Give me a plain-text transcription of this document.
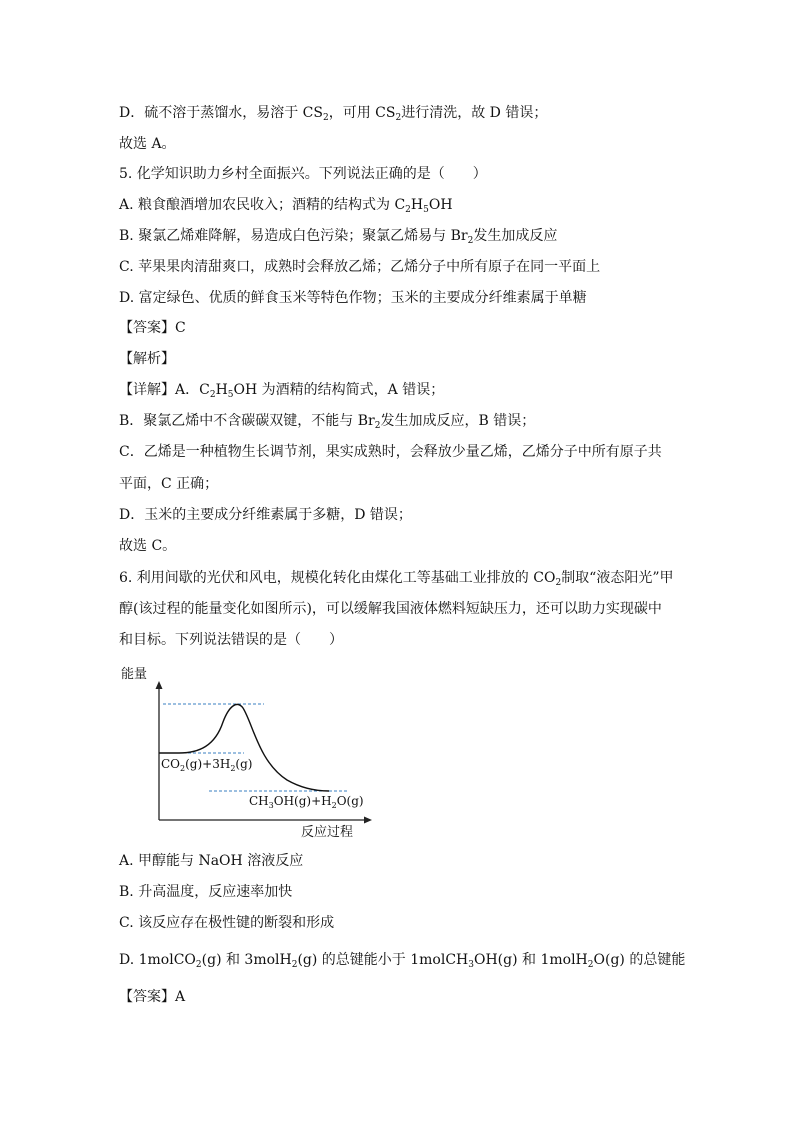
D．硫不溶于蒸馏水，易溶于 $CS_2$，可用 $CS_2$进行清洗，故 D 错误；
故选 A。
5. 化学知识助力乡村全面振兴。下列说法正确的是（　　）
A. 粮食酿酒增加农民收入；酒精的结构式为 $C_2H_5OH$
B. 聚氯乙烯难降解，易造成白色污染；聚氯乙烯易与 $Br_2$发生加成反应
C. 苹果果肉清甜爽口，成熟时会释放乙烯；乙烯分子中所有原子在同一平面上
D. 富定绿色、优质的鲜食玉米等特色作物；玉米的主要成分纤维素属于单糖
【答案】C
【解析】
【详解】A．$C_2H_5OH$ 为酒精的结构简式，A 错误；
B．聚氯乙烯中不含碳碳双键，不能与 $Br_2$发生加成反应，B 错误；
C．乙烯是一种植物生长调节剂，果实成熟时，会释放少量乙烯，乙烯分子中所有原子共
平面，C 正确；
D．玉米的主要成分纤维素属于多糖，D 错误；
故选 C。
6. 利用间歇的光伏和风电，规模化转化由煤化工等基础工业排放的 $CO_2$制取“液态阳光”甲
醇(该过程的能量变化如图所示)，可以缓解我国液体燃料短缺压力，还可以助力实现碳中
和目标。下列说法错误的是（　　）
能量
$CO_2(g)+3H_2(g)$
$CH_3OH(g)+H_2O(g)$
反应过程
A. 甲醇能与 NaOH 溶液反应
B. 升高温度，反应速率加快
C. 该反应存在极性键的断裂和形成
D. 1molCO$_2$(g) 和 3molH$_2$(g) 的总键能小于 1molCH$_3$OH(g) 和 1molH$_2$O(g) 的总键能
【答案】A
